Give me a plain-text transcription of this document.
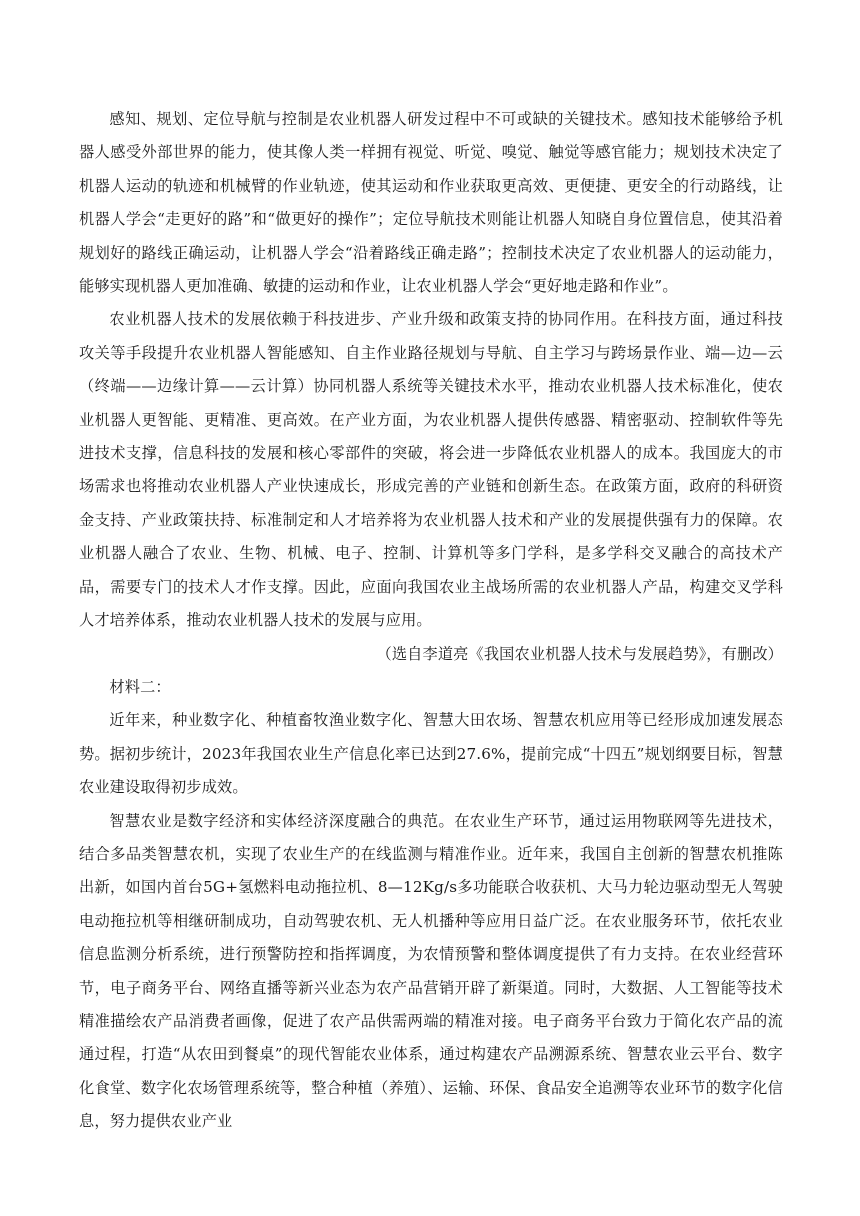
感知、规划、定位导航与控制是农业机器人研发过程中不可或缺的关键技术。感知技术能够给予机器人感受外部世界的能力，使其像人类一样拥有视觉、听觉、嗅觉、触觉等感官能力；规划技术决定了机器人运动的轨迹和机械臂的作业轨迹，使其运动和作业获取更高效、更便捷、更安全的行动路线，让机器人学会“走更好的路”和“做更好的操作”；定位导航技术则能让机器人知晓自身位置信息，使其沿着规划好的路线正确运动，让机器人学会“沿着路线正确走路”；控制技术决定了农业机器人的运动能力，能够实现机器人更加准确、敏捷的运动和作业，让农业机器人学会“更好地走路和作业”。

农业机器人技术的发展依赖于科技进步、产业升级和政策支持的协同作用。在科技方面，通过科技攻关等手段提升农业机器人智能感知、自主作业路径规划与导航、自主学习与跨场景作业、端—边—云（终端——边缘计算——云计算）协同机器人系统等关键技术水平，推动农业机器人技术标准化，使农业机器人更智能、更精准、更高效。在产业方面，为农业机器人提供传感器、精密驱动、控制软件等先进技术支撑，信息科技的发展和核心零部件的突破，将会进一步降低农业机器人的成本。我国庞大的市场需求也将推动农业机器人产业快速成长，形成完善的产业链和创新生态。在政策方面，政府的科研资金支持、产业政策扶持、标准制定和人才培养将为农业机器人技术和产业的发展提供强有力的保障。农业机器人融合了农业、生物、机械、电子、控制、计算机等多门学科，是多学科交叉融合的高技术产品，需要专门的技术人才作支撑。因此，应面向我国农业主战场所需的农业机器人产品，构建交叉学科人才培养体系，推动农业机器人技术的发展与应用。

（选自李道亮《我国农业机器人技术与发展趋势》，有删改）

材料二：

近年来，种业数字化、种植畜牧渔业数字化、智慧大田农场、智慧农机应用等已经形成加速发展态势。据初步统计，2023年我国农业生产信息化率已达到27.6%，提前完成“十四五”规划纲要目标，智慧农业建设取得初步成效。

智慧农业是数字经济和实体经济深度融合的典范。在农业生产环节，通过运用物联网等先进技术，结合多品类智慧农机，实现了农业生产的在线监测与精准作业。近年来，我国自主创新的智慧农机推陈出新，如国内首台5G+氢燃料电动拖拉机、8—12Kg/s多功能联合收获机、大马力轮边驱动型无人驾驶电动拖拉机等相继研制成功，自动驾驶农机、无人机播种等应用日益广泛。在农业服务环节，依托农业信息监测分析系统，进行预警防控和指挥调度，为农情预警和整体调度提供了有力支持。在农业经营环节，电子商务平台、网络直播等新兴业态为农产品营销开辟了新渠道。同时，大数据、人工智能等技术精准描绘农产品消费者画像，促进了农产品供需两端的精准对接。电子商务平台致力于简化农产品的流通过程，打造“从农田到餐桌”的现代智能农业体系，通过构建农产品溯源系统、智慧农业云平台、数字化食堂、数字化农场管理系统等，整合种植（养殖）、运输、环保、食品安全追溯等农业环节的数字化信息，努力提供农业产业
